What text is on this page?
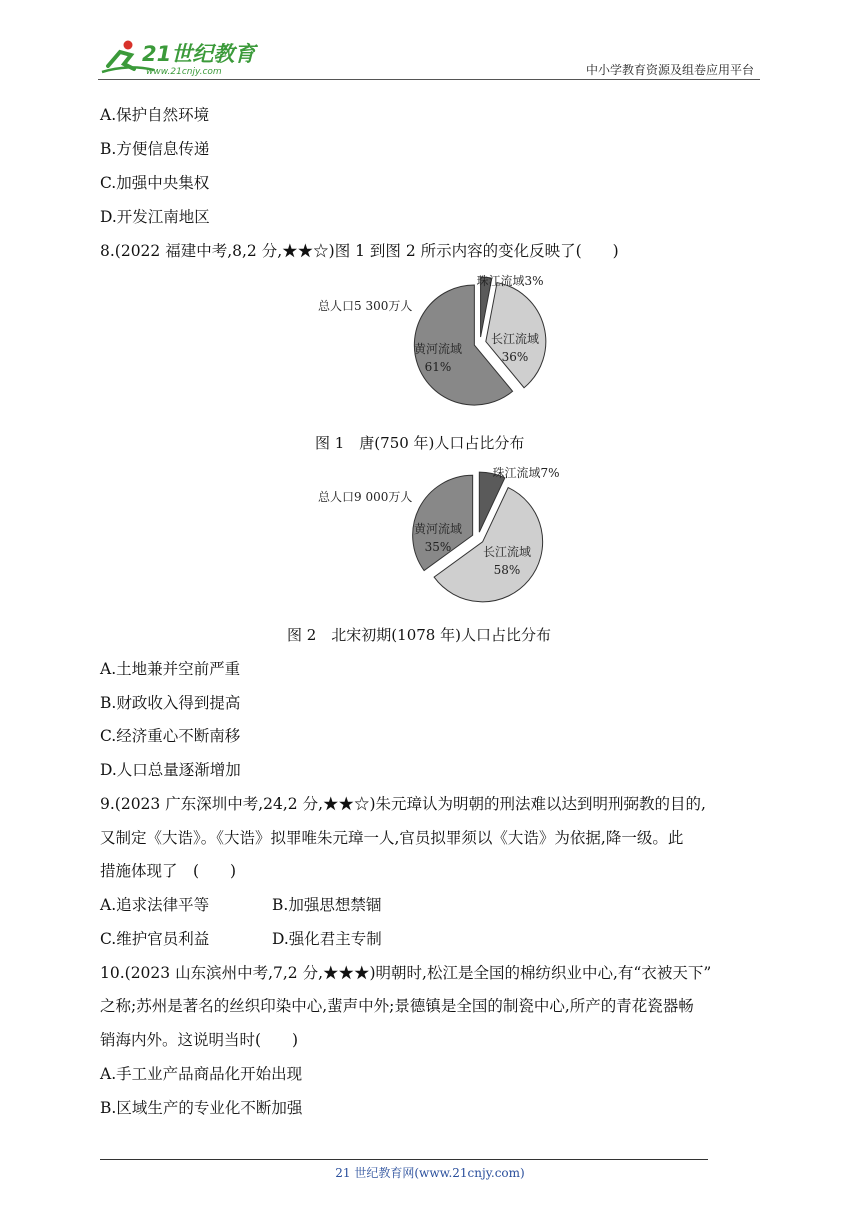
21世纪教育
www.21cnjy.com	中小学教育资源及组卷应用平台
A.保护自然环境
B.方便信息传递
C.加强中央集权
D.开发江南地区
8.(2022 福建中考,8,2 分,★★☆)图 1 到图 2 所示内容的变化反映了(　　)
珠江流域3%
长江流域
36%
黄河流域
61%
总人口5 300万人
图 1　唐(750 年)人口占比分布
珠江流域7%
长江流域
58%
黄河流域
35%
总人口9 000万人
图 2　北宋初期(1078 年)人口占比分布
A.土地兼并空前严重
B.财政收入得到提高
C.经济重心不断南移
D.人口总量逐渐增加
9.(2023 广东深圳中考,24,2 分,★★☆)朱元璋认为明朝的刑法难以达到明刑弼教的目的,
又制定《大诰》。《大诰》拟罪唯朱元璋一人,官员拟罪须以《大诰》为依据,降一级。此
措施体现了　(　　)
A.追求法律平等	B.加强思想禁锢
C.维护官员利益	D.强化君主专制
10.(2023 山东滨州中考,7,2 分,★★★)明朝时,松江是全国的棉纺织业中心,有“衣被天下”
之称;苏州是著名的丝织印染中心,蜚声中外;景德镇是全国的制瓷中心,所产的青花瓷器畅
销海内外。这说明当时(　　)
A.手工业产品商品化开始出现
B.区域生产的专业化不断加强
21 世纪教育网(www.21cnjy.com)
